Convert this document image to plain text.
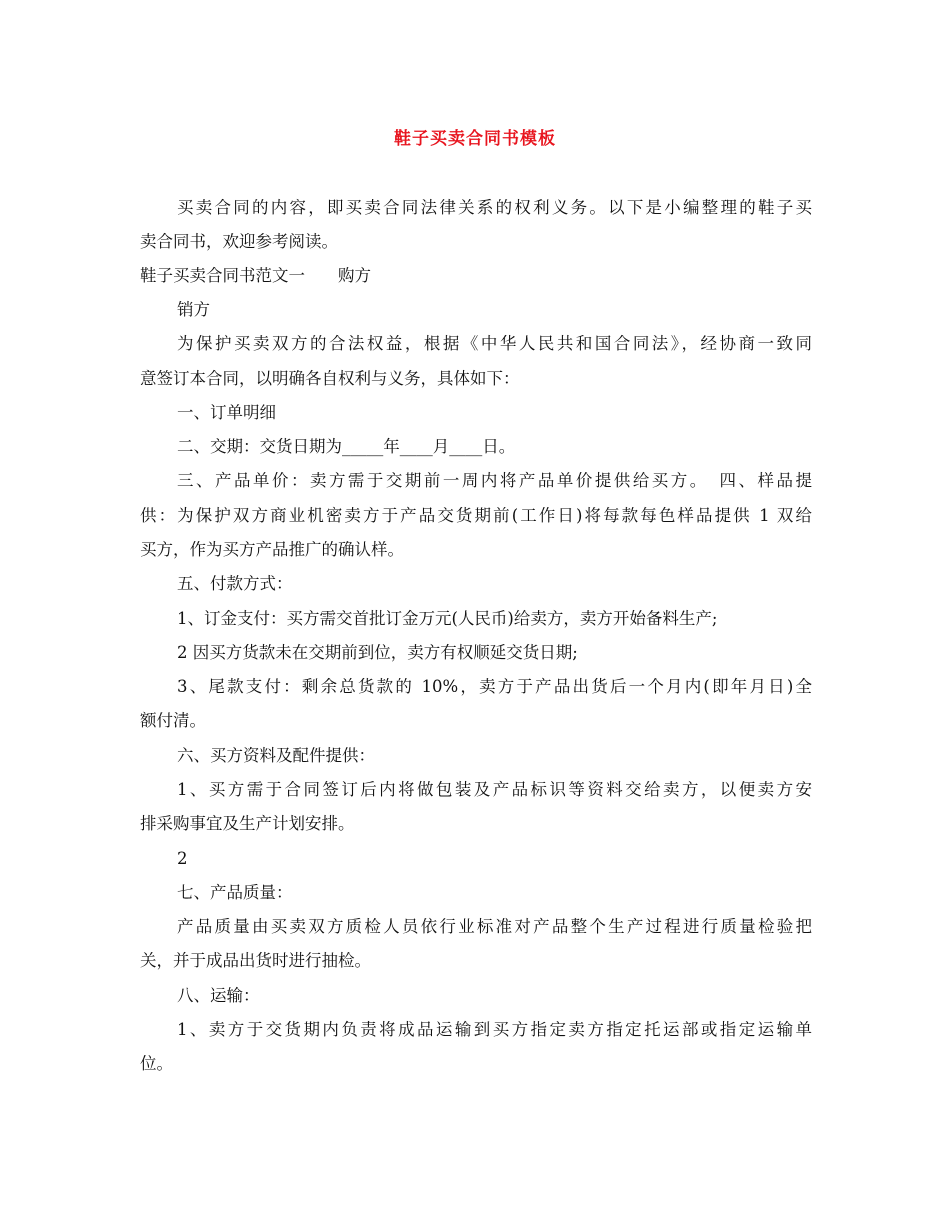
鞋子买卖合同书模板
买卖合同的内容，即买卖合同法律关系的权利义务。以下是小编整理的鞋子买
卖合同书，欢迎参考阅读。
鞋子买卖合同书范文一　　购方
销方
为保护买卖双方的合法权益，根据《中华人民共和国合同法》，经协商一致同
意签订本合同，以明确各自权利与义务，具体如下：
一、订单明细
二、交期：交货日期为_____年____月____日。
三、产品单价：卖方需于交期前一周内将产品单价提供给买方。　四、样品提
供：为保护双方商业机密卖方于产品交货期前(工作日)将每款每色样品提供 1 双给
买方，作为买方产品推广的确认样。
五、付款方式：
1、订金支付：买方需交首批订金万元(人民币)给卖方，卖方开始备料生产;
2 因买方货款未在交期前到位，卖方有权顺延交货日期;
3、尾款支付：剩余总货款的 10%，卖方于产品出货后一个月内(即年月日)全
额付清。
六、买方资料及配件提供：
1、买方需于合同签订后内将做包装及产品标识等资料交给卖方，以便卖方安
排采购事宜及生产计划安排。
2
七、产品质量：
产品质量由买卖双方质检人员依行业标准对产品整个生产过程进行质量检验把
关，并于成品出货时进行抽检。
八、运输：
1、卖方于交货期内负责将成品运输到买方指定卖方指定托运部或指定运输单
位。
